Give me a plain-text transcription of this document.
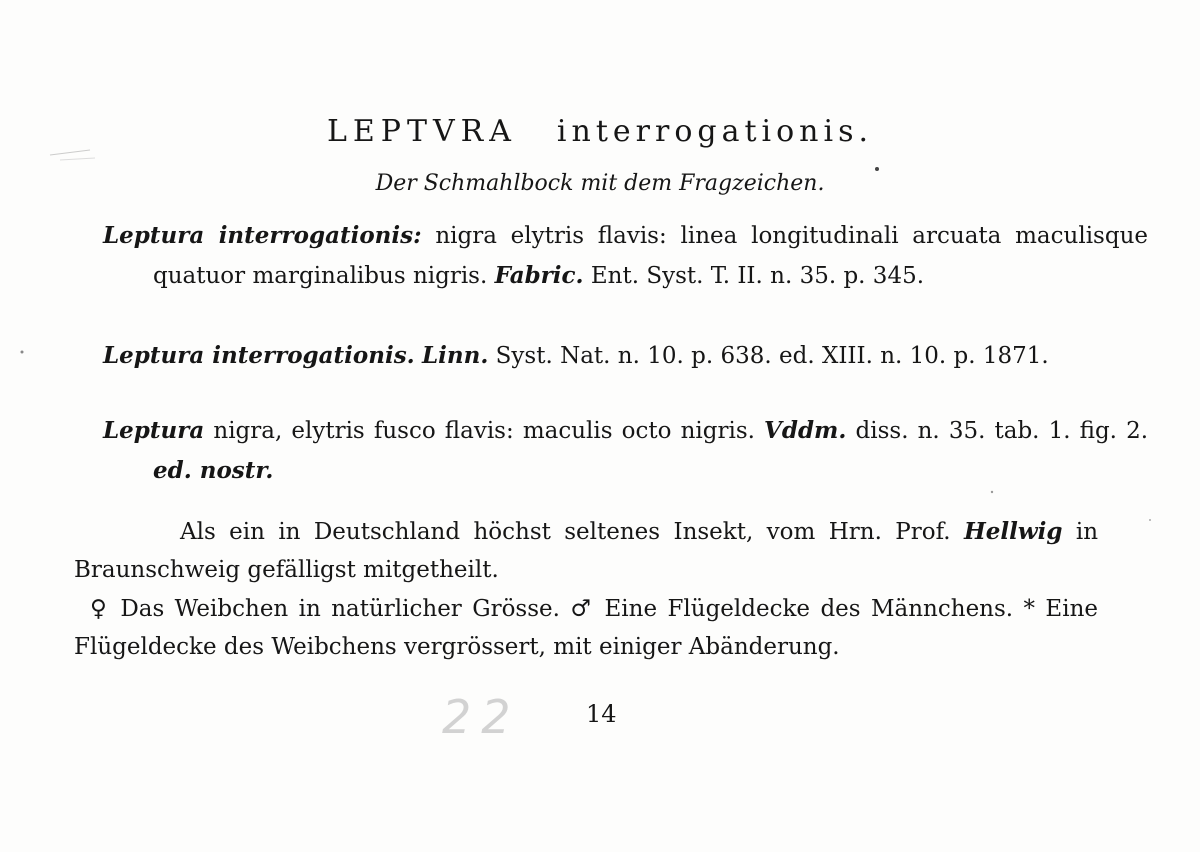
LEPTVRA interrogationis.
Der Schmahlbock mit dem Fragzeichen.
Leptura interrogationis: nigra elytris flavis: linea longitudinali arcuata maculisque quatuor marginalibus nigris. Fabric. Ent. Syst. T. II. n. 35. p. 345.
Leptura interrogationis. Linn. Syst. Nat. n. 10. p. 638. ed. XIII. n. 10. p. 1871.
Leptura nigra, elytris fusco flavis: maculis octo nigris. Vddm. diss. n. 35. tab. 1. fig. 2. ed. nostr.
Als ein in Deutschland höchst seltenes Insekt, vom Hrn. Prof. Hellwig in Braunschweig gefälligst mitgetheilt.
♀ Das Weibchen in natürlicher Grösse. ♂ Eine Flügeldecke des Männchens. * Eine Flügeldecke des Weibchens vergrössert, mit einiger Abänderung.
22	14
